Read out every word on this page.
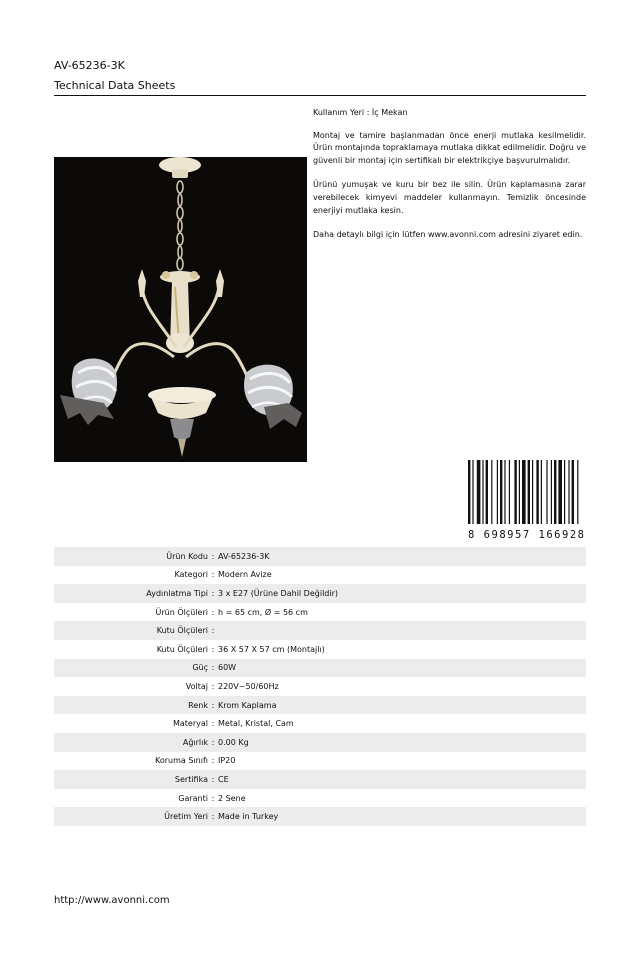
AV-65236-3K
Technical Data Sheets

Kullanım Yeri : İç Mekan

Montaj ve tamire başlanmadan önce enerji mutlaka kesilmelidir. Ürün montajında topraklamaya mutlaka dikkat edilmelidir. Doğru ve güvenli bir montaj için sertifikalı bir elektrikçiye başvurulmalıdır.

Ürünü yumuşak ve kuru bir bez ile silin. Ürün kaplamasına zarar verebilecek kimyevi maddeler kullanmayın. Temizlik öncesinde enerjiyi mutlaka kesin.

Daha detaylı bilgi için lütfen www.avonni.com adresini ziyaret edin.

8 698957 166928
Ürün Kodu : AV-65236-3K
Kategori : Modern Avize
Aydınlatma Tipi : 3 x E27 (Ürüne Dahil Değildir)
Ürün Ölçüleri : h = 65 cm, Ø = 56 cm
Kutu Ölçüleri :
Kutu Ölçüleri : 36 X 57 X 57 cm (Montajlı)
Güç : 60W
Voltaj : 220V~50/60Hz
Renk : Krom Kaplama
Materyal : Metal, Kristal, Cam
Ağırlık : 0.00 Kg
Koruma Sınıfı : IP20
Sertifika : CE
Garanti : 2 Sene
Üretim Yeri : Made in Turkey
http://www.avonni.com
